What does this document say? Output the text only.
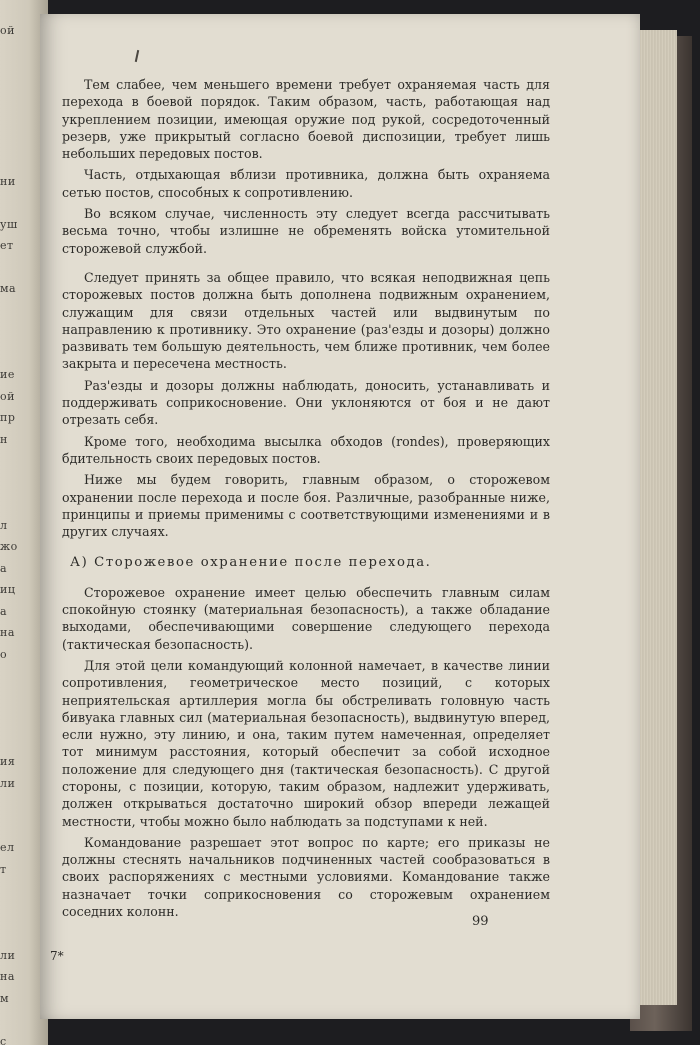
ой
ни
уш
ет
ма
ие
ой
пр
н
л
жо
а
иц
а
на
о
ия
ли
ел
т
ли
на
м
с

Тем слабее, чем меньшего времени требует охраняемая часть для перехода в боевой порядок. Таким образом, часть, работающая над укреплением позиции, имеющая оружие под рукой, сосредоточенный резерв, уже прикрытый согласно боевой диспозиции, требует лишь небольших передовых постов.

Часть, отдыхающая вблизи противника, должна быть охраняема сетью постов, способных к сопротивлению.

Во всяком случае, численность эту следует всегда рассчитывать весьма точно, чтобы излишне не обременять войска утомительной сторожевой службой.

Следует принять за общее правило, что всякая неподвижная цепь сторожевых постов должна быть дополнена подвижным охранением, служащим для связи отдельных частей или выдвинутым по направлению к противнику. Это охранение (раз'езды и дозоры) должно развивать тем большую деятельность, чем ближе противник, чем более закрыта и пересечена местность.

Раз'езды и дозоры должны наблюдать, доносить, устанавливать и поддерживать соприкосновение. Они уклоняются от боя и не дают отрезать себя.

Кроме того, необходима высылка обходов (rondes), проверяющих бдительность своих передовых постов.

Ниже мы будем говорить, главным образом, о сторожевом охранении после перехода и после боя. Различные, разобранные ниже, принципы и приемы применимы с соответствующими изменениями и в других случаях.

А) Сторожевое охранение после перехода.

Сторожевое охранение имеет целью обеспечить главным силам спокойную стоянку (материальная безопасность), а также обладание выходами, обеспечивающими совершение следующего перехода (тактическая безопасность).

Для этой цели командующий колонной намечает, в качестве линии сопротивления, геометрическое место позиций, с которых неприятельская артиллерия могла бы обстреливать головную часть бивуака главных сил (материальная безопасность), выдвинутую вперед, если нужно, эту линию, и она, таким путем намеченная, определяет тот минимум расстояния, который обеспечит за собой исходное положение для следующего дня (тактическая безопасность). С другой стороны, с позиции, которую, таким образом, надлежит удерживать, должен открываться достаточно широкий обзор впереди лежащей местности, чтобы можно было наблюдать за подступами к ней.

Командование разрешает этот вопрос по карте; его приказы не должны стеснять начальников подчиненных частей сообразоваться в своих распоряжениях с местными условиями. Командование также назначает точки соприкосновения со сторожевым охранением соседних колонн.

99
7*
